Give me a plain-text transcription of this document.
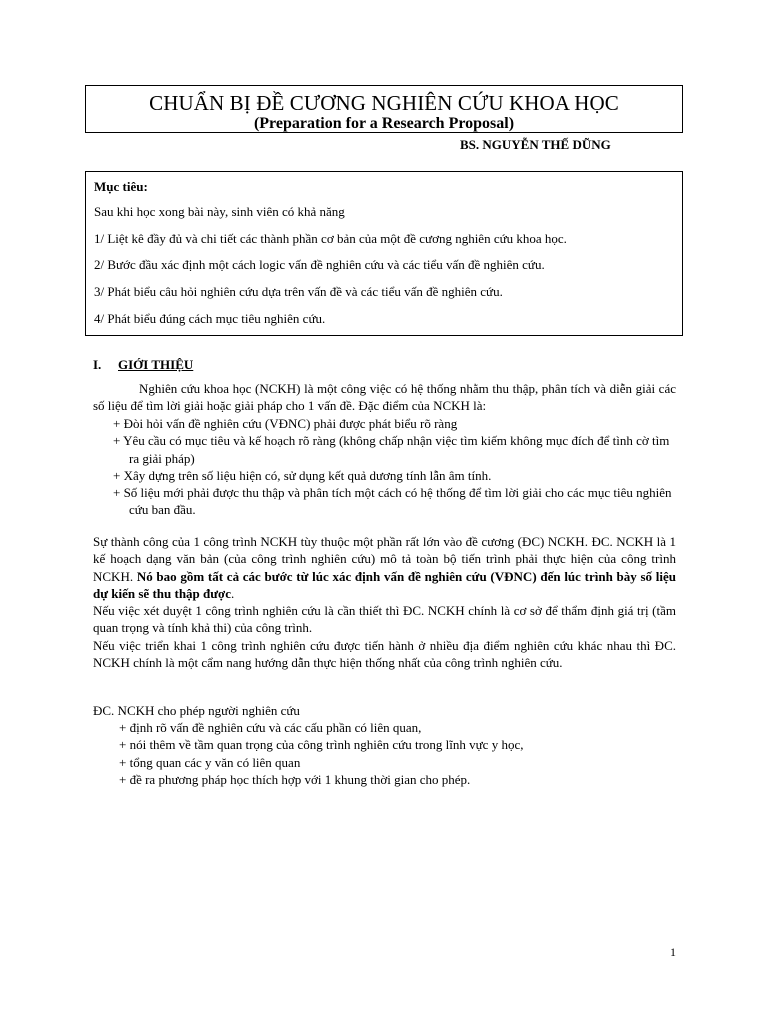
CHUẨN BỊ ĐỀ CƯƠNG NGHIÊN CỨU KHOA HỌC
(Preparation for a Research Proposal)
BS. NGUYỄN THẾ DŨNG
Mục tiêu:
Sau khi học xong bài này, sinh viên có khả năng
1/ Liệt kê đầy đủ và chi tiết các thành phần cơ bản của một đề cương nghiên cứu khoa học.
2/ Bước đầu xác định một cách logic vấn đề nghiên cứu và các tiểu vấn đề nghiên cứu.
3/ Phát biểu câu hỏi nghiên cứu dựa trên vấn đề và các tiểu vấn đề nghiên cứu.
4/ Phát biểu đúng cách mục tiêu nghiên cứu.
I. GIỚI THIỆU
Nghiên cứu khoa học (NCKH) là một công việc có hệ thống nhằm thu thập, phân tích và diễn giải các số liệu để tìm lời giải hoặc giải pháp cho 1 vấn đề. Đặc điểm của NCKH là:
+ Đòi hỏi vấn đề nghiên cứu (VĐNC) phải được phát biểu rõ ràng
+ Yêu cầu có mục tiêu và kế hoạch rõ ràng (không chấp nhận việc tìm kiếm không mục đích để tình cờ tìm ra giải pháp)
+ Xây dựng trên số liệu hiện có, sử dụng kết quả dương tính lẫn âm tính.
+ Số liệu mới phải được thu thập và phân tích một cách có hệ thống để tìm lời giải cho các mục tiêu nghiên cứu ban đầu.
Sự thành công của 1 công trình NCKH tùy thuộc một phần rất lớn vào đề cương (ĐC) NCKH. ĐC. NCKH là 1 kế hoạch dạng văn bản (của công trình nghiên cứu) mô tả toàn bộ tiến trình phải thực hiện của công trình NCKH. Nó bao gồm tất cả các bước từ lúc xác định vấn đề nghiên cứu (VĐNC) đến lúc trình bày số liệu dự kiến sẽ thu thập được.
Nếu việc xét duyệt 1 công trình nghiên cứu là cần thiết thì ĐC. NCKH chính là cơ sở để thẩm định giá trị (tầm quan trọng và tính khả thi) của công trình.
Nếu việc triển khai 1 công trình nghiên cứu được tiến hành ở nhiều địa điểm nghiên cứu khác nhau thì ĐC. NCKH chính là một cẩm nang hướng dẫn thực hiện thống nhất của công trình nghiên cứu.
ĐC. NCKH cho phép người nghiên cứu
+ định rõ vấn đề nghiên cứu và các cấu phần có liên quan,
+ nói thêm về tầm quan trọng của công trình nghiên cứu trong lĩnh vực y học,
+ tổng quan các y văn có liên quan
+ đề ra phương pháp học thích hợp với 1 khung thời gian cho phép.
1
